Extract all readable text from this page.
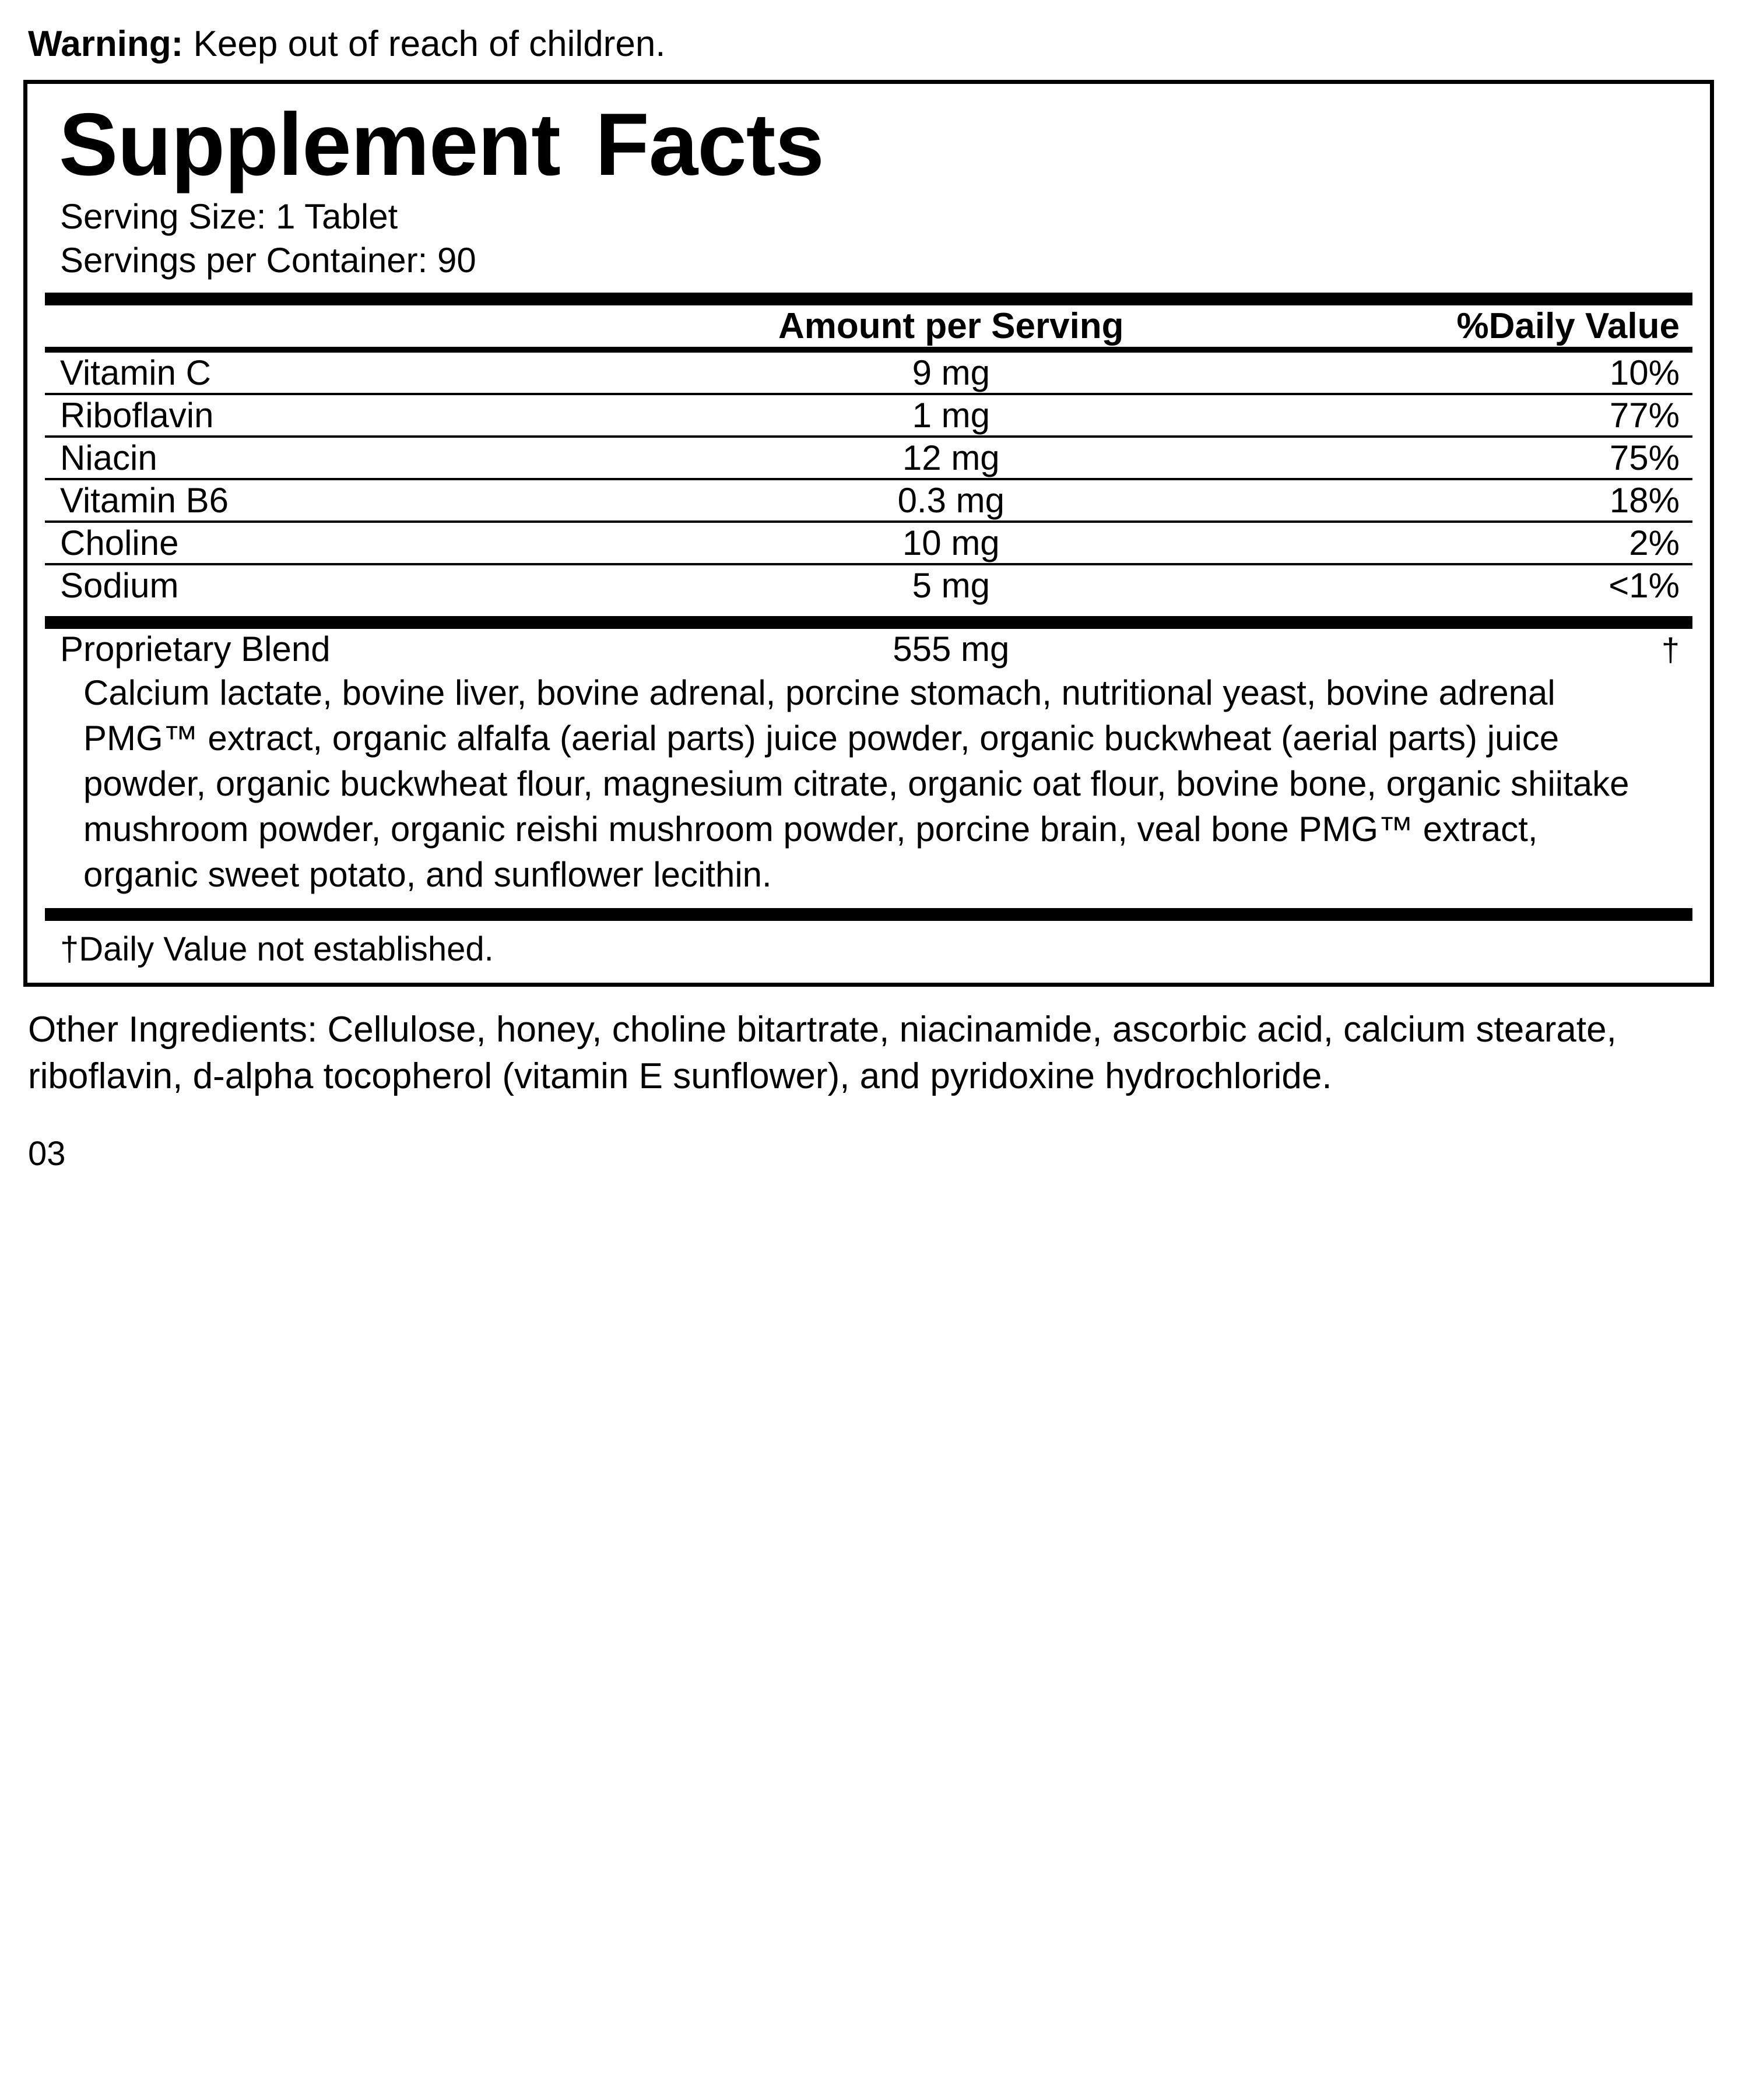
Warning: Keep out of reach of children.
Supplement Facts
Serving Size: 1 Tablet
Servings per Container: 90
	Amount per Serving	%Daily Value
Vitamin C	9 mg	10%

Riboflavin	1 mg	77%

Niacin	12 mg	75%

Vitamin B6	0.3 mg	18%

Choline	10 mg	2%

Sodium	5 mg	<1%
Proprietary Blend	555 mg	†
Calcium lactate, bovine liver, bovine adrenal, porcine stomach, nutritional yeast, bovine adrenal PMG™ extract, organic alfalfa (aerial parts) juice powder, organic buckwheat (aerial parts) juice powder, organic buckwheat flour, magnesium citrate, organic oat flour, bovine bone, organic shiitake mushroom powder, organic reishi mushroom powder, porcine brain, veal bone PMG™ extract, organic sweet potato, and sunflower lecithin.
†Daily Value not established.
Other Ingredients: Cellulose, honey, choline bitartrate, niacinamide, ascorbic acid, calcium stearate, riboflavin, d-alpha tocopherol (vitamin E sunflower), and pyridoxine hydrochloride.
03
